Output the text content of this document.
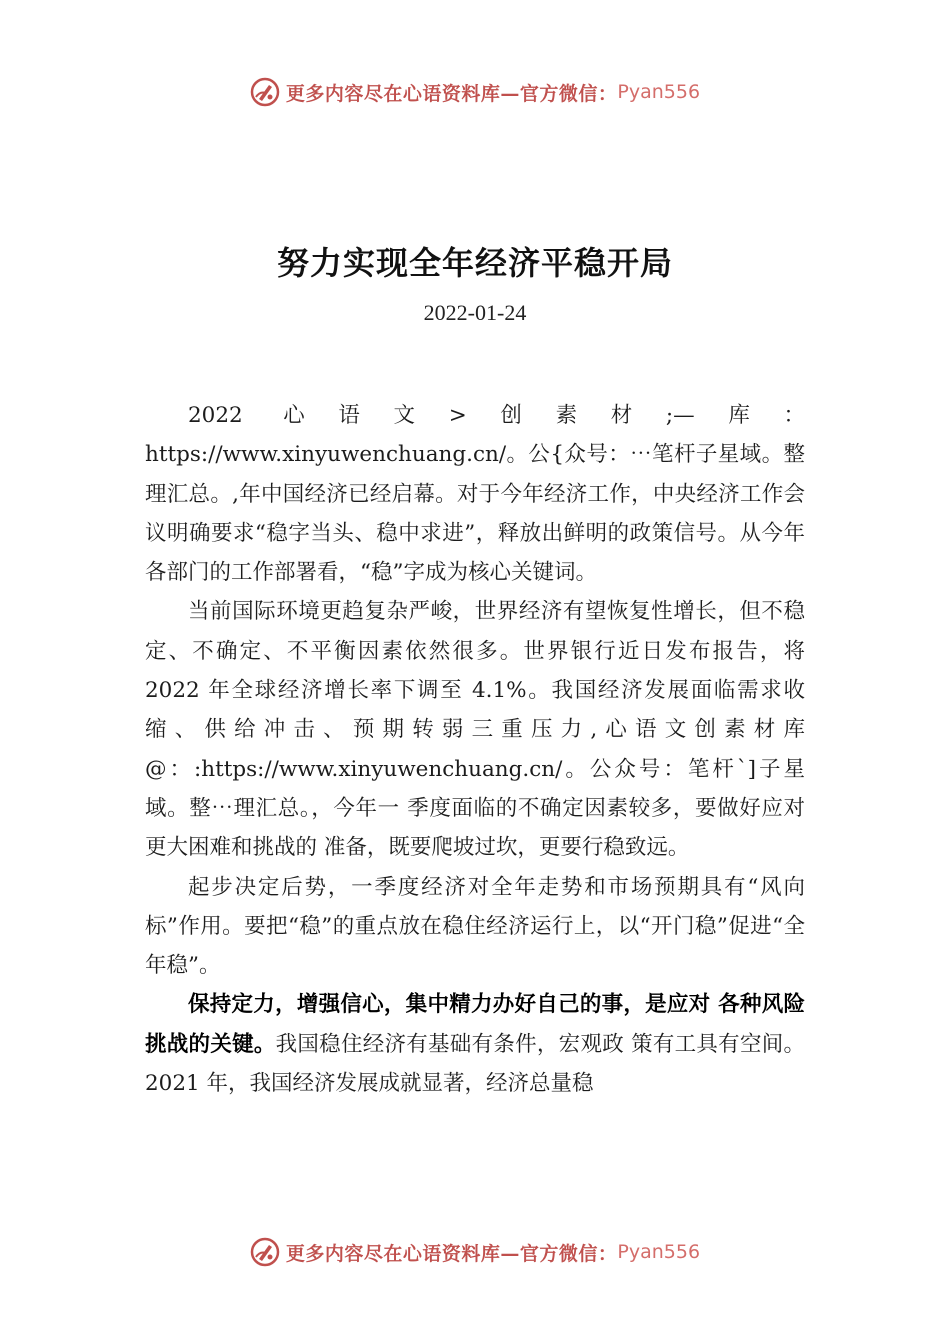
更多内容尽在心语资料库—官方微信： Pyan556
努力实现全年经济平稳开局
2022-01-24

2022 心语文>创素材;—库：https://www.xinyuwenchuang.cn/。公{众号：⋯笔杆子星域。整理汇总。,年中国经济已经启幕。对于今年经济工作，中央经济工作会议明确要求“稳字当头、稳中求进”，释放出鲜明的政策信号。从今年各部门的工作部署看，“稳”字成为核心关键词。

当前国际环境更趋复杂严峻，世界经济有望恢复性增长，但不稳定、不确定、不平衡因素依然很多。世界银行近日发布报告，将 2022 年全球经济增长率下调至 4.1%。我国经济发展面临需求收缩、供给冲击、预期转弱三重压力,心语文创素材库@：:https://www.xinyuwenchuang.cn/。公众号：笔杆`]子星域。整⋯理汇总。，今年一 季度面临的不确定因素较多，要做好应对更大困难和挑战的 准备，既要爬坡过坎，更要行稳致远。

起步决定后势，一季度经济对全年走势和市场预期具有“风向标”作用。要把“稳”的重点放在稳住经济运行上，以“开门稳”促进“全年稳”。

保持定力，增强信心，集中精力办好自己的事，是应对 各种风险挑战的关键。我国稳住经济有基础有条件，宏观政 策有工具有空间。2021 年，我国经济发展成就显著，经济总量稳

更多内容尽在心语资料库—官方微信： Pyan556
